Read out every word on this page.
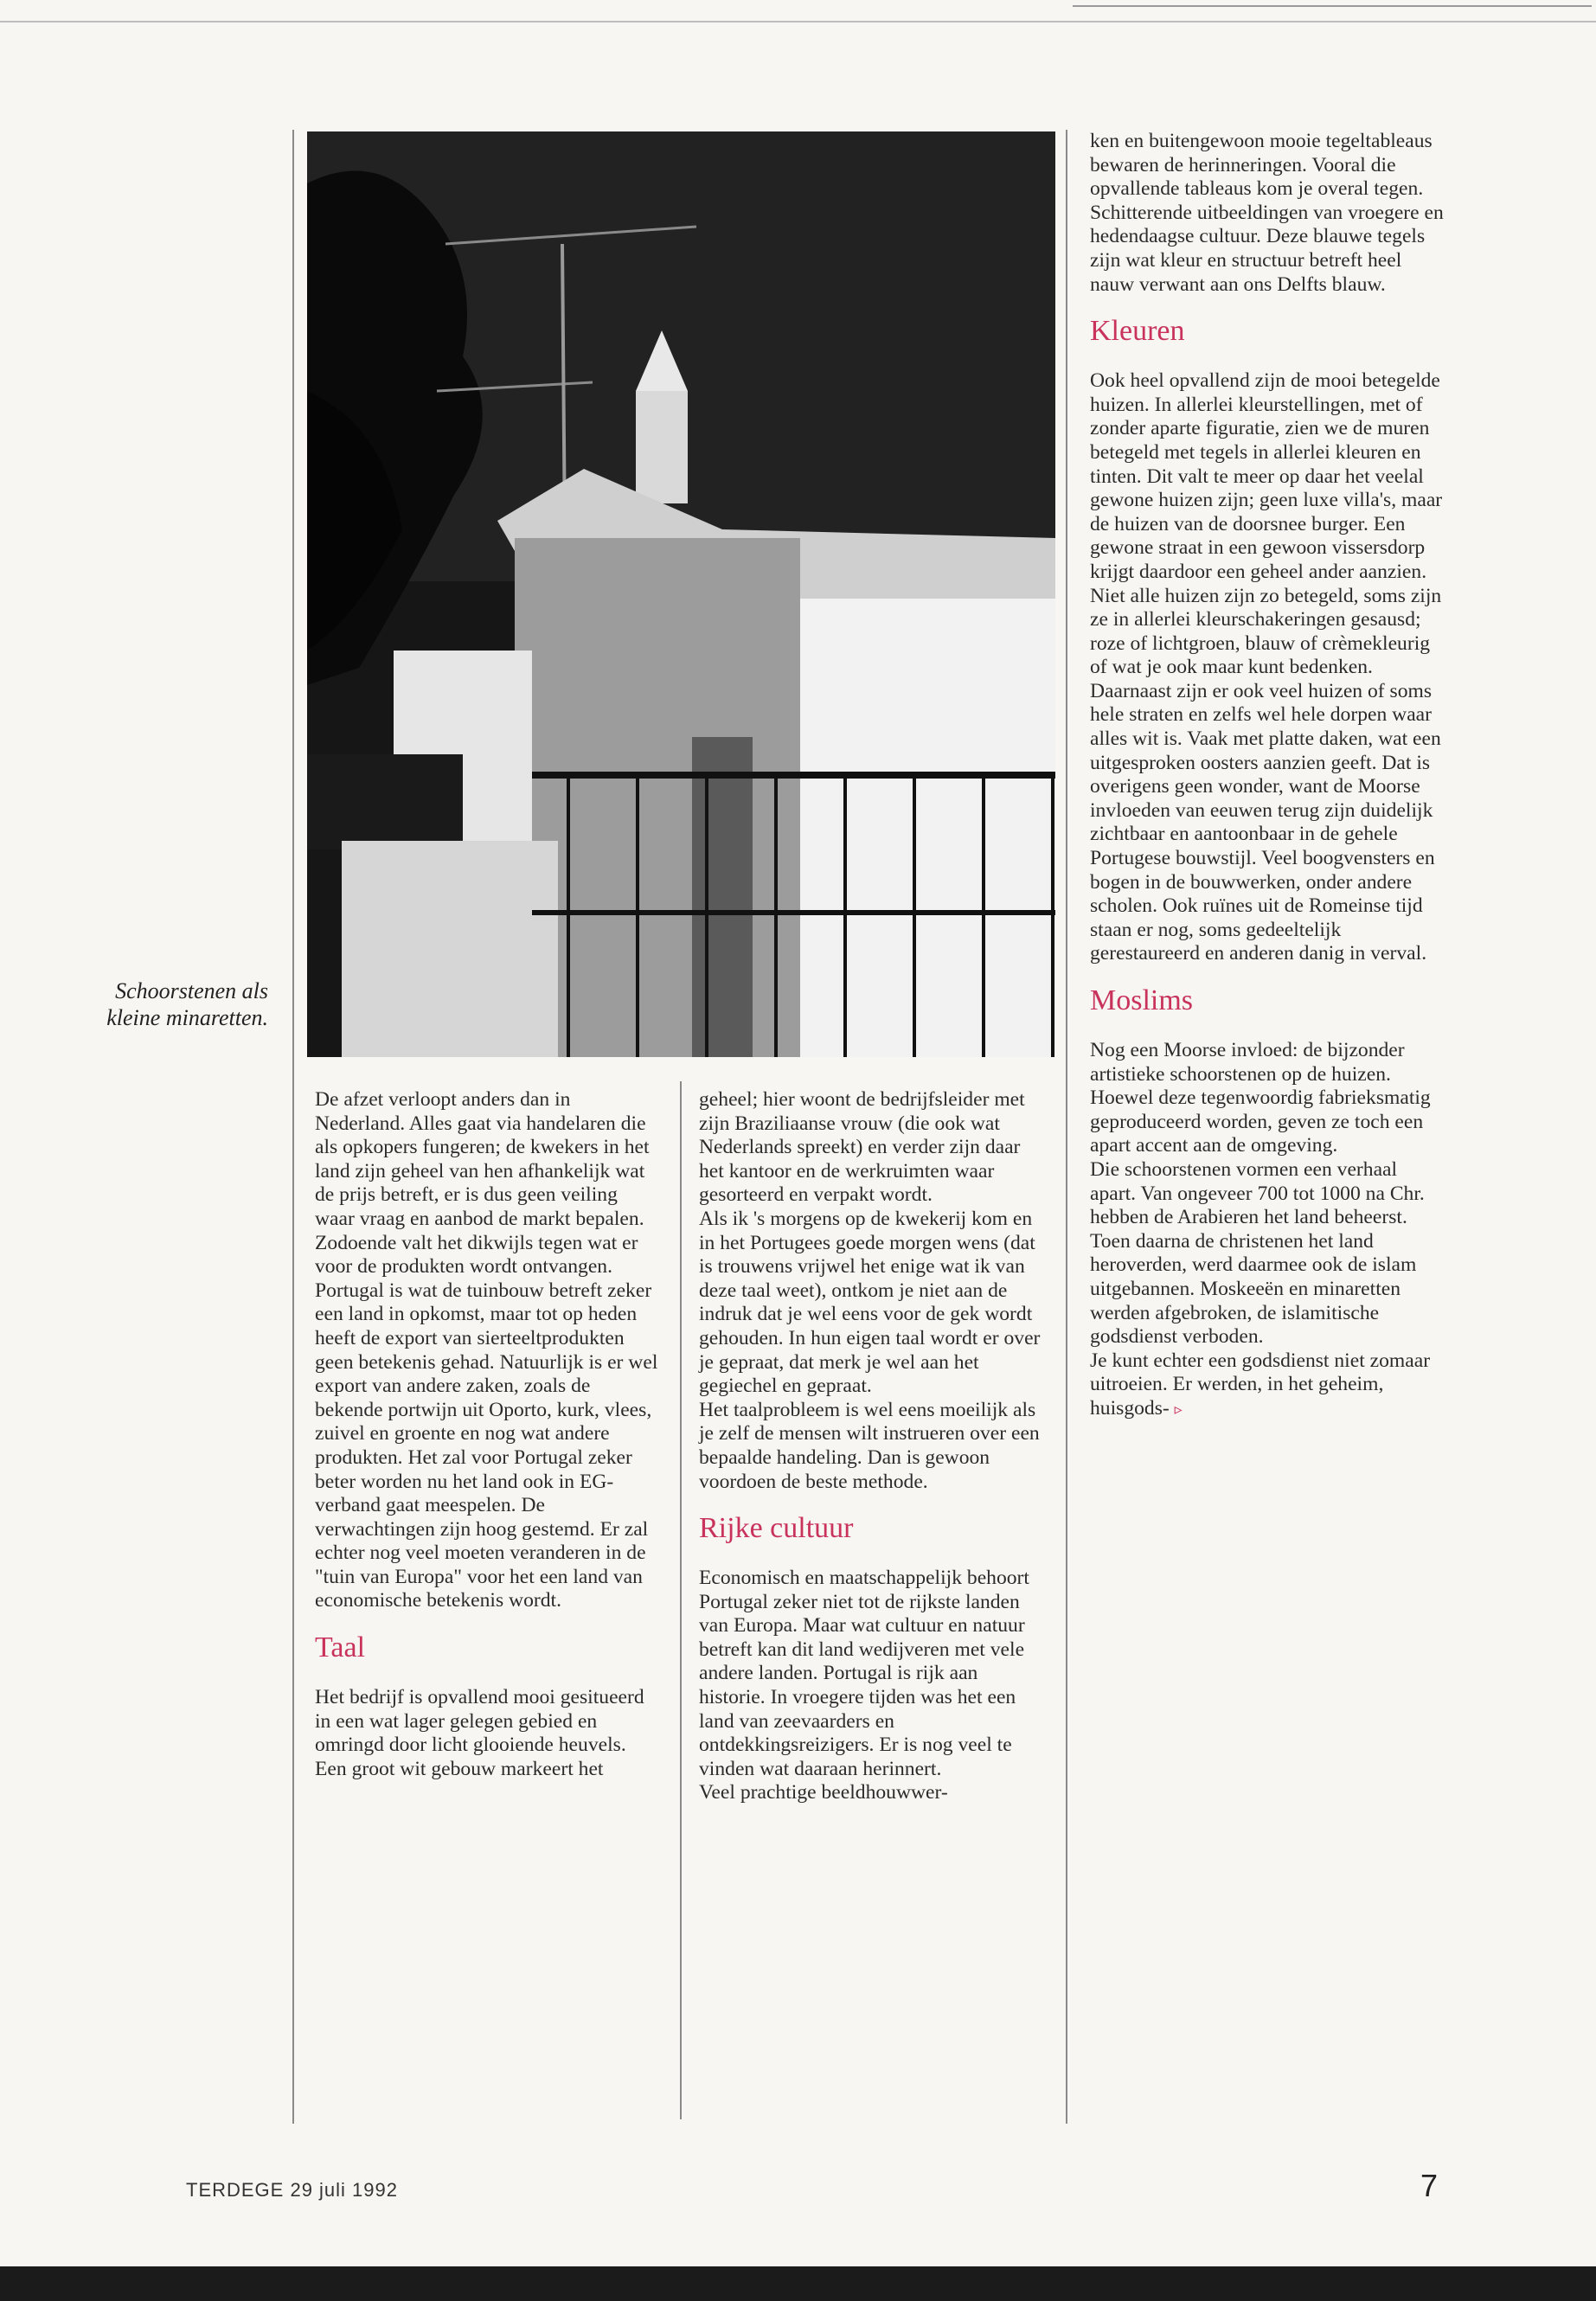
Schoorstenen als kleine minaretten.

De afzet verloopt anders dan in Nederland. Alles gaat via handelaren die als opkopers fungeren; de kwekers in het land zijn geheel van hen afhankelijk wat de prijs betreft, er is dus geen veiling waar vraag en aanbod de markt bepalen. Zodoende valt het dikwijls tegen wat er voor de produkten wordt ontvangen. Portugal is wat de tuinbouw betreft zeker een land in opkomst, maar tot op heden heeft de export van sierteeltprodukten geen betekenis gehad. Natuurlijk is er wel export van andere zaken, zoals de bekende portwijn uit Oporto, kurk, vlees, zuivel en groente en nog wat andere produkten. Het zal voor Portugal zeker beter worden nu het land ook in EG-verband gaat meespelen. De verwachtingen zijn hoog gestemd. Er zal echter nog veel moeten veranderen in de "tuin van Europa" voor het een land van economische betekenis wordt.

Taal

Het bedrijf is opvallend mooi gesitueerd in een wat lager gelegen gebied en omringd door licht glooiende heuvels. Een groot wit gebouw markeert het

geheel; hier woont de bedrijfsleider met zijn Braziliaanse vrouw (die ook wat Nederlands spreekt) en verder zijn daar het kantoor en de werkruimten waar gesorteerd en verpakt wordt.

Als ik 's morgens op de kwekerij kom en in het Portugees goede morgen wens (dat is trouwens vrijwel het enige wat ik van deze taal weet), ontkom je niet aan de indruk dat je wel eens voor de gek wordt gehouden. In hun eigen taal wordt er over je gepraat, dat merk je wel aan het gegiechel en gepraat.

Het taalprobleem is wel eens moeilijk als je zelf de mensen wilt instrueren over een bepaalde handeling. Dan is gewoon voordoen de beste methode.

Rijke cultuur

Economisch en maatschappelijk behoort Portugal zeker niet tot de rijkste landen van Europa. Maar wat cultuur en natuur betreft kan dit land wedijveren met vele andere landen. Portugal is rijk aan historie. In vroegere tijden was het een land van zeevaarders en ontdekkingsreizigers. Er is nog veel te vinden wat daaraan herinnert.

Veel prachtige beeldhouwwer-

ken en buitengewoon mooie tegeltableaus bewaren de herinneringen. Vooral die opvallende tableaus kom je overal tegen. Schitterende uitbeeldingen van vroegere en hedendaagse cultuur. Deze blauwe tegels zijn wat kleur en structuur betreft heel nauw verwant aan ons Delfts blauw.

Kleuren

Ook heel opvallend zijn de mooi betegelde huizen. In allerlei kleurstellingen, met of zonder aparte figuratie, zien we de muren betegeld met tegels in allerlei kleuren en tinten. Dit valt te meer op daar het veelal gewone huizen zijn; geen luxe villa's, maar de huizen van de doorsnee burger. Een gewone straat in een gewoon vissersdorp krijgt daardoor een geheel ander aanzien. Niet alle huizen zijn zo betegeld, soms zijn ze in allerlei kleurschakeringen gesausd; roze of lichtgroen, blauw of crèmekleurig of wat je ook maar kunt bedenken. Daarnaast zijn er ook veel huizen of soms hele straten en zelfs wel hele dorpen waar alles wit is. Vaak met platte daken, wat een uitgesproken oosters aanzien geeft. Dat is overigens geen wonder, want de Moorse invloeden van eeuwen terug zijn duidelijk zichtbaar en aantoonbaar in de gehele Portugese bouwstijl. Veel boogvensters en bogen in de bouwwerken, onder andere scholen. Ook ruïnes uit de Romeinse tijd staan er nog, soms gedeeltelijk gerestaureerd en anderen danig in verval.

Moslims

Nog een Moorse invloed: de bijzonder artistieke schoorstenen op de huizen. Hoewel deze tegenwoordig fabrieksmatig geproduceerd worden, geven ze toch een apart accent aan de omgeving.

Die schoorstenen vormen een verhaal apart. Van ongeveer 700 tot 1000 na Chr. hebben de Arabieren het land beheerst. Toen daarna de christenen het land heroverden, werd daarmee ook de islam uitgebannen. Moskeeën en minaretten werden afgebroken, de islamitische godsdienst verboden.

Je kunt echter een godsdienst niet zomaar uitroeien. Er werden, in het geheim, huisgods- ▹

TERDEGE 29 juli 1992	7
